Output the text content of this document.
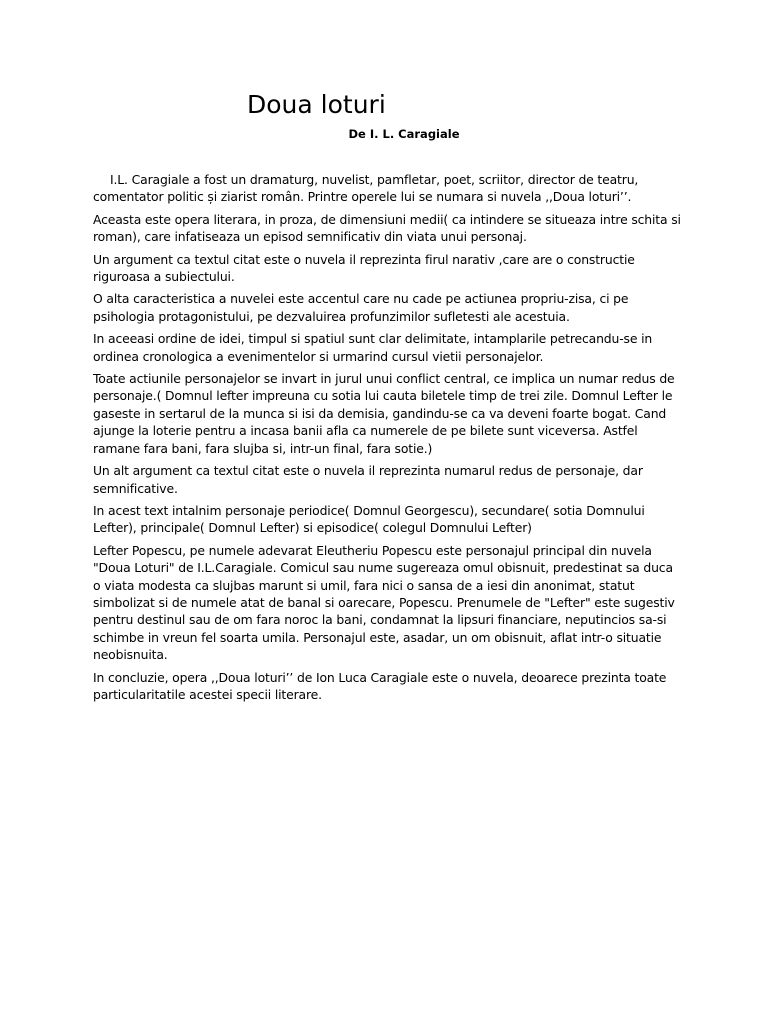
Doua loturi

De I. L. Caragiale

I.L. Caragiale a fost un dramaturg, nuvelist, pamfletar, poet, scriitor, director de teatru, comentator politic și ziarist român. Printre operele lui se numara si nuvela ,,Doua loturi’’.

Aceasta este opera literara, in proza, de dimensiuni medii( ca intindere se situeaza intre schita si roman), care infatiseaza un episod semnificativ din viata unui personaj.

Un argument ca textul citat este o nuvela il reprezinta firul narativ ,care are o constructie riguroasa a subiectului.

O alta caracteristica a nuvelei este accentul care nu cade pe actiunea propriu-zisa, ci pe psihologia protagonistului, pe dezvaluirea profunzimilor sufletesti ale acestuia.

In aceeasi ordine de idei, timpul si spatiul sunt clar delimitate, intamplarile petrecandu-se in ordinea cronologica a evenimentelor si urmarind cursul vietii personajelor.

Toate actiunile personajelor se invart in jurul unui conflict central, ce implica un numar redus de personaje.( Domnul lefter impreuna cu sotia lui cauta biletele timp de trei zile. Domnul Lefter le gaseste in sertarul de la munca si isi da demisia, gandindu-se ca va deveni foarte bogat. Cand ajunge la loterie pentru a incasa banii afla ca numerele de pe bilete sunt viceversa. Astfel ramane fara bani, fara slujba si, intr-un final, fara sotie.)

Un alt argument ca textul citat este o nuvela il reprezinta numarul redus de personaje, dar semnificative.

In acest text intalnim personaje periodice( Domnul Georgescu), secundare( sotia Domnului Lefter), principale( Domnul Lefter) si episodice( colegul Domnului Lefter)

Lefter Popescu, pe numele adevarat Eleutheriu Popescu este personajul principal din nuvela "Doua Loturi" de I.L.Caragiale. Comicul sau nume sugereaza omul obisnuit, predestinat sa duca o viata modesta ca slujbas marunt si umil, fara nici o sansa de a iesi din anonimat, statut simbolizat si de numele atat de banal si oarecare, Popescu. Prenumele de "Lefter" este sugestiv pentru destinul sau de om fara noroc la bani, condamnat la lipsuri financiare, neputincios sa-si schimbe in vreun fel soarta umila. Personajul este, asadar, un om obisnuit, aflat intr-o situatie neobisnuita.

In concluzie, opera ,,Doua loturi’’ de Ion Luca Caragiale este o nuvela, deoarece prezinta toate particularitatile acestei specii literare.
